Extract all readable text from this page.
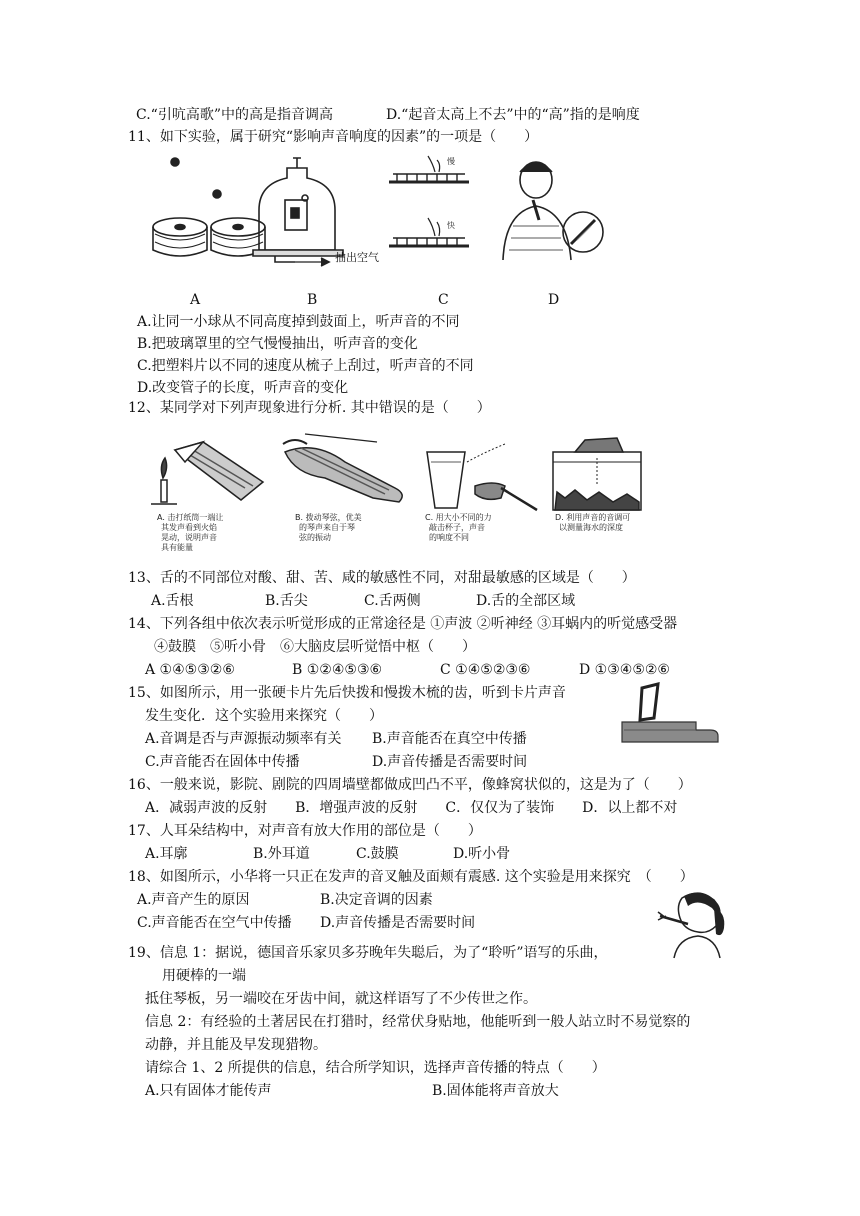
C.“引吭高歌”中的高是指音调高	D.“起音太高上不去”中的“高”指的是响度
11、如下实验，属于研究“影响声音响度的因素”的一项是（　　）
抽出空气
慢
快
A	B	C	D
A.让同一小球从不同高度掉到鼓面上，听声音的不同
B.把玻璃罩里的空气慢慢抽出，听声音的变化
C.把塑料片以不同的速度从梳子上刮过，听声音的不同
D.改变管子的长度，听声音的变化
12、某同学对下列声现象进行分析. 其中错误的是（　　）
A. 击打纸筒一端让
其发声看到火焰
晃动，说明声音
具有能量
B. 拨动琴弦，优美
的琴声来自于琴
弦的振动
C. 用大小不同的力
敲击杯子，声音
的响度不同
D. 利用声音的音调可
以测量海水的深度
13、舌的不同部位对酸、甜、苦、咸的敏感性不同，对甜最敏感的区域是（　　）
A.舌根	B.舌尖	C.舌两侧	D.舌的全部区域
14、下列各组中依次表示听觉形成的正常途径是 ①声波 ②听神经 ③耳蜗内的听觉感受器
④鼓膜　⑤听小骨　⑥大脑皮层听觉悟中枢（　　）
A ①④⑤③②⑥	B ①②④⑤③⑥	C ①④⑤②③⑥	D ①③④⑤②⑥
15、如图所示，用一张硬卡片先后快拨和慢拨木梳的齿，听到卡片声音
发生变化．这个实验用来探究（　　）
A.音调是否与声源振动频率有关 B.声音能否在真空中传播
C.声音能否在固体中传播	D.声音传播是否需要时间
16、一般来说，影院、剧院的四周墙壁都做成凹凸不平，像蜂窝状似的，这是为了（　　）
A．减弱声波的反射　　B．增强声波的反射　　C．仅仅为了装饰　　D．以上都不对
17、人耳朵结构中，对声音有放大作用的部位是（　　）
A.耳廓	B.外耳道	C.鼓膜	D.听小骨
18、如图所示，小华将一只正在发声的音叉触及面颊有震感. 这个实验是用来探究　（　　）
A.声音产生的原因	B.决定音调的因素
C.声音能否在空气中传播 D.声音传播是否需要时间
19、信息 1：据说，德国音乐家贝多芬晚年失聪后，为了“聆听”语写的乐曲，
用硬棒的一端
抵住琴板，另一端咬在牙齿中间，就这样语写了不少传世之作。
信息 2：有经验的土著居民在打猎时，经常伏身贴地，他能听到一般人站立时不易觉察的
动静，并且能及早发现猎物。
请综合 1、2 所提供的信息，结合所学知识，选择声音传播的特点（　　）
A.只有固体才能传声	B.固体能将声音放大
